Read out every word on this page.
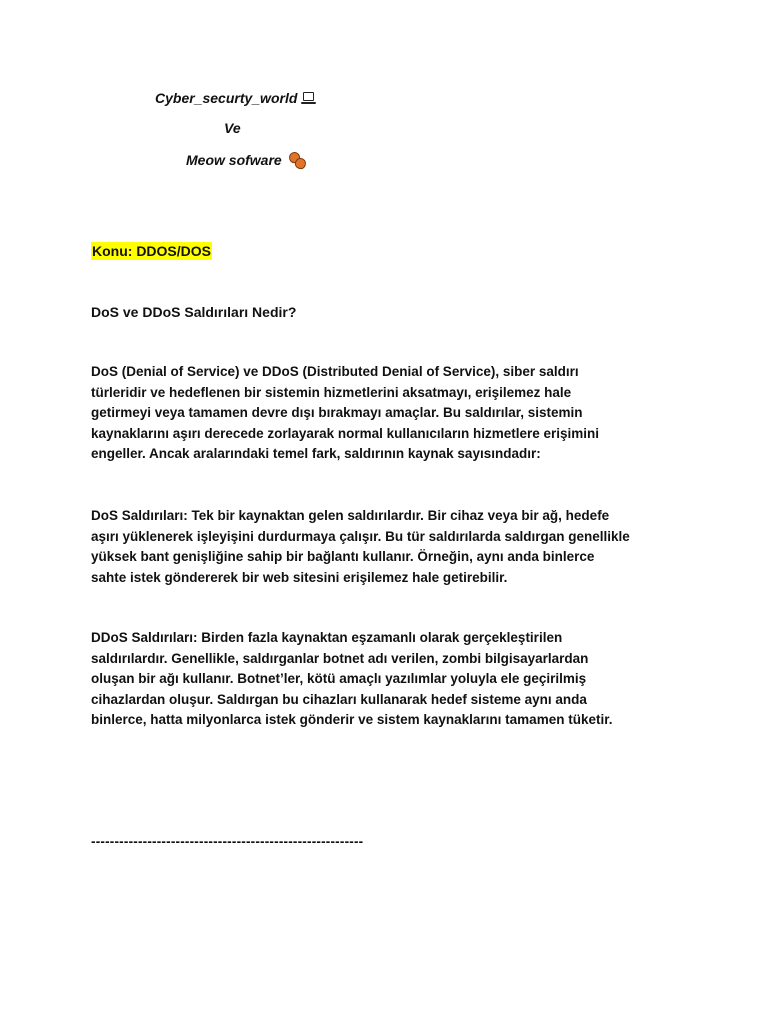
Cyber_securty_world
Ve
Meow sofware
Konu: DDOS/DOS
DoS ve DDoS Saldırıları Nedir?
DoS (Denial of Service) ve DDoS (Distributed Denial of Service), siber saldırı
türleridir ve hedeflenen bir sistemin hizmetlerini aksatmayı, erişilemez hale
getirmeyi veya tamamen devre dışı bırakmayı amaçlar. Bu saldırılar, sistemin
kaynaklarını aşırı derecede zorlayarak normal kullanıcıların hizmetlere erişimini
engeller. Ancak aralarındaki temel fark, saldırının kaynak sayısındadır:
DoS Saldırıları: Tek bir kaynaktan gelen saldırılardır. Bir cihaz veya bir ağ, hedefe
aşırı yüklenerek işleyişini durdurmaya çalışır. Bu tür saldırılarda saldırgan genellikle
yüksek bant genişliğine sahip bir bağlantı kullanır. Örneğin, aynı anda binlerce
sahte istek göndererek bir web sitesini erişilemez hale getirebilir.
DDoS Saldırıları: Birden fazla kaynaktan eşzamanlı olarak gerçekleştirilen
saldırılardır. Genellikle, saldırganlar botnet adı verilen, zombi bilgisayarlardan
oluşan bir ağı kullanır. Botnet’ler, kötü amaçlı yazılımlar yoluyla ele geçirilmiş
cihazlardan oluşur. Saldırgan bu cihazları kullanarak hedef sisteme aynı anda
binlerce, hatta milyonlarca istek gönderir ve sistem kaynaklarını tamamen tüketir.
----------------------------------------------------------
